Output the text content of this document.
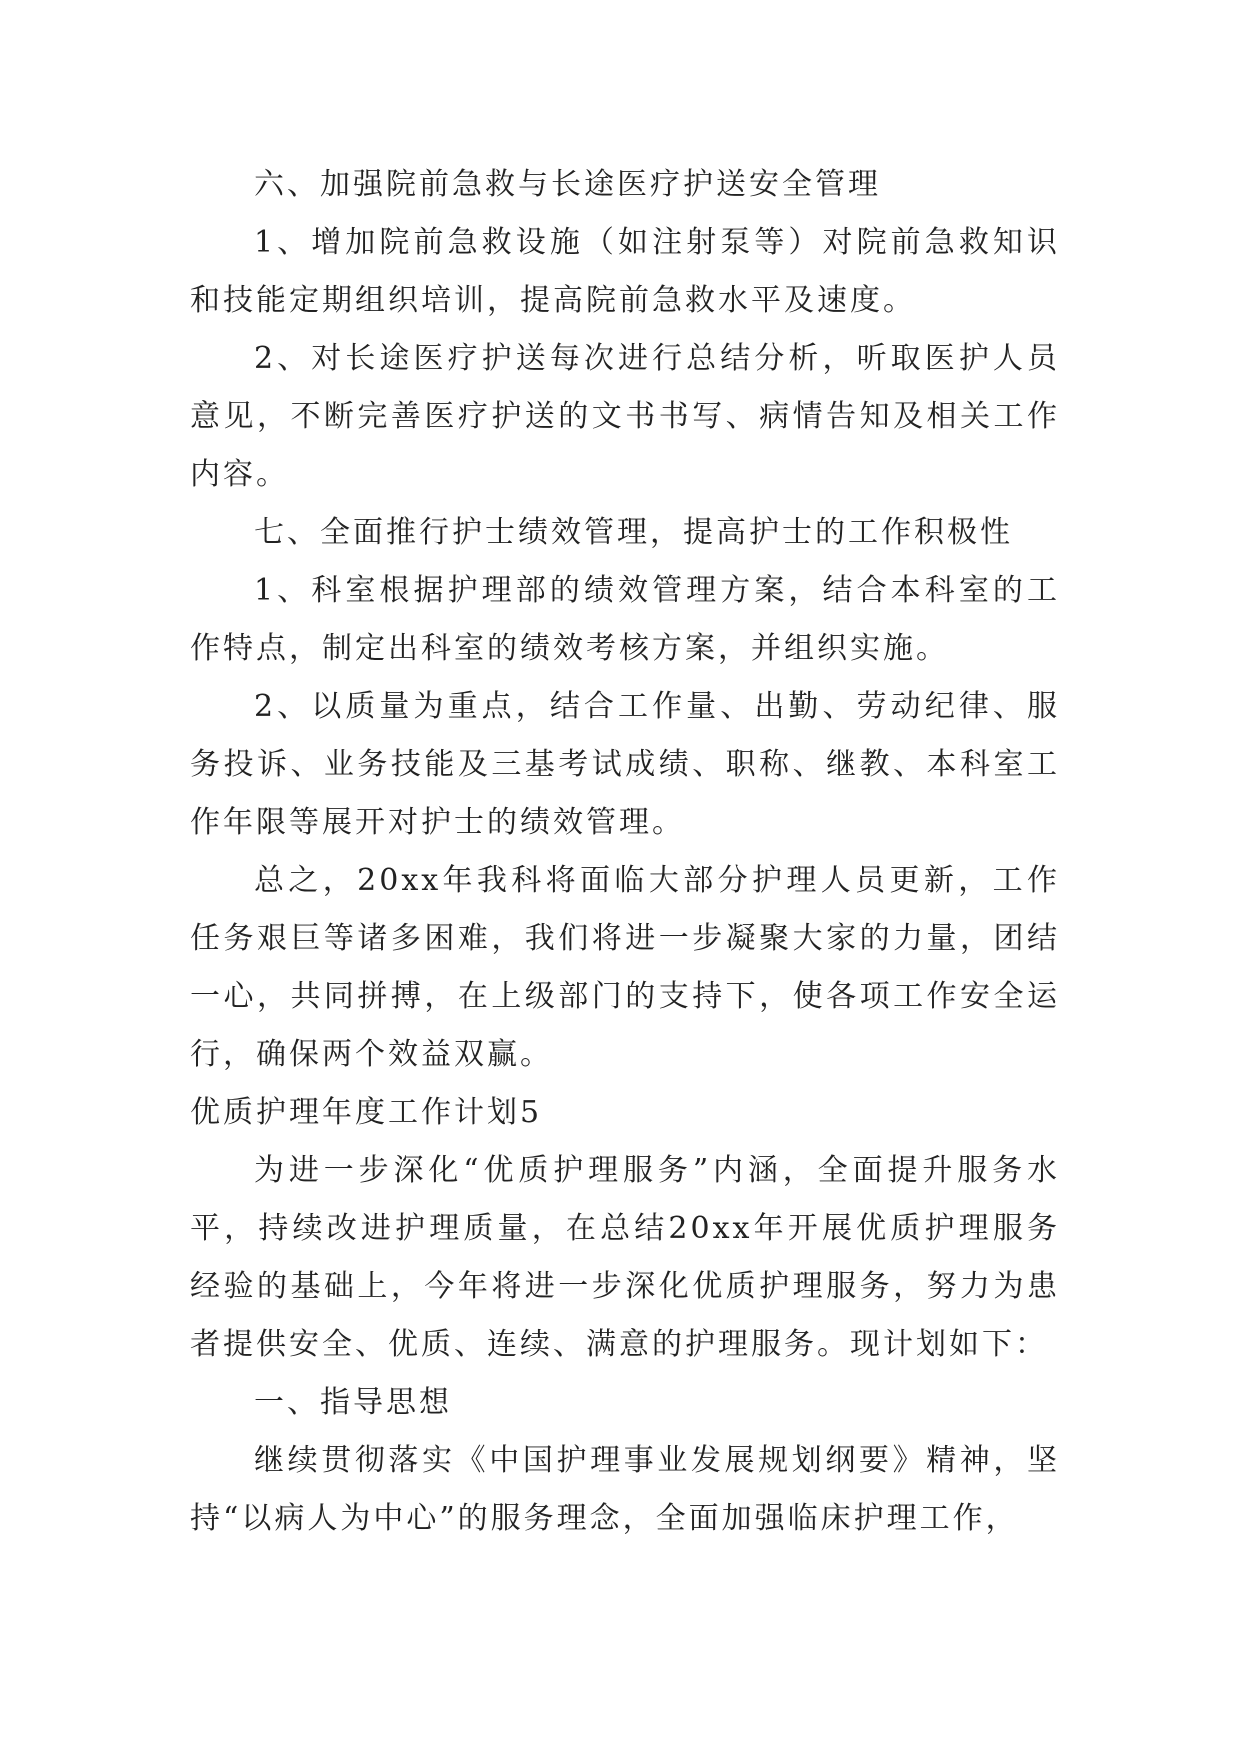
六、加强院前急救与长途医疗护送安全管理

1、增加院前急救设施（如注射泵等）对院前急救知识和技能定期组织培训，提高院前急救水平及速度。

2、对长途医疗护送每次进行总结分析，听取医护人员意见，不断完善医疗护送的文书书写、病情告知及相关工作内容。

七、全面推行护士绩效管理，提高护士的工作积极性

1、科室根据护理部的绩效管理方案，结合本科室的工作特点，制定出科室的绩效考核方案，并组织实施。

2、以质量为重点，结合工作量、出勤、劳动纪律、服务投诉、业务技能及三基考试成绩、职称、继教、本科室工作年限等展开对护士的绩效管理。

总之，20xx年我科将面临大部分护理人员更新，工作任务艰巨等诸多困难，我们将进一步凝聚大家的力量，团结一心，共同拼搏，在上级部门的支持下，使各项工作安全运行，确保两个效益双赢。

优质护理年度工作计划5

为进一步深化“优质护理服务”内涵，全面提升服务水平，持续改进护理质量，在总结20xx年开展优质护理服务经验的基础上，今年将进一步深化优质护理服务，努力为患者提供安全、优质、连续、满意的护理服务。现计划如下：

一、指导思想

继续贯彻落实《中国护理事业发展规划纲要》精神，坚持“以病人为中心”的服务理念，全面加强临床护理工作，
